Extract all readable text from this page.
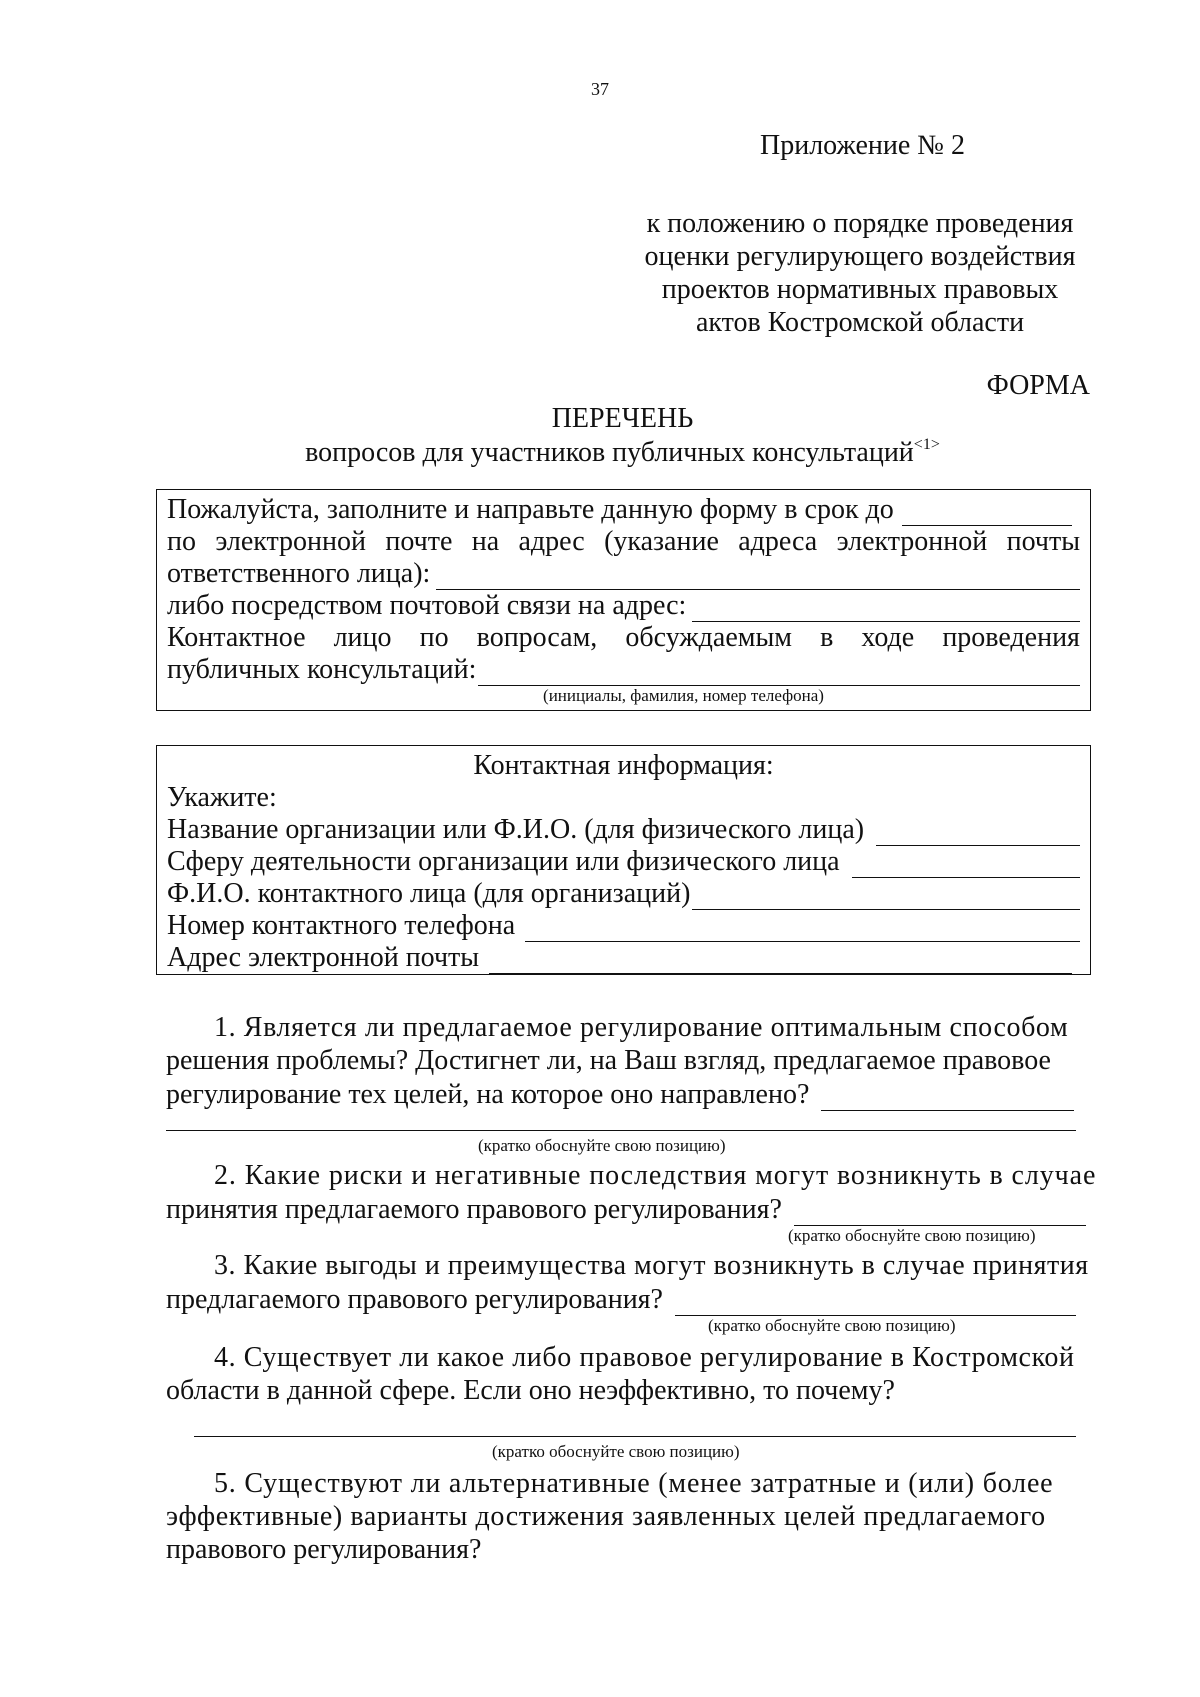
37
Приложение № 2
к положению о порядке проведения
оценки регулирующего воздействия
проектов нормативных правовых
актов Костромской области
ФОРМА
ПЕРЕЧЕНЬ
вопросов для участников публичных консультаций$^{<1>}$
Пожалуйста, заполните и направьте данную форму в срок до
по электронной почте на адрес (указание адреса электронной почты
ответственного лица):
либо посредством почтовой связи на адрес:
Контактное лицо по вопросам, обсуждаемым в ходе проведения
публичных консультаций:
(инициалы, фамилия, номер телефона)
Контактная информация:
Укажите:
Название организации или Ф.И.О. (для физического лица)
Сферу деятельности организации или физического лица
Ф.И.О. контактного лица (для организаций)
Номер контактного телефона
Адрес электронной почты
1. Является ли предлагаемое регулирование оптимальным способом
решения проблемы? Достигнет ли, на Ваш взгляд, предлагаемое правовое
регулирование тех целей, на которое оно направлено?
(кратко обоснуйте свою позицию)
2. Какие риски и негативные последствия могут возникнуть в случае
принятия предлагаемого правового регулирования?
(кратко обоснуйте свою позицию)
3. Какие выгоды и преимущества могут возникнуть в случае принятия
предлагаемого правового регулирования?
(кратко обоснуйте свою позицию)
4. Существует ли какое либо правовое регулирование в Костромской
области в данной сфере. Если оно неэффективно, то почему?
(кратко обоснуйте свою позицию)
5. Существуют ли альтернативные (менее затратные и (или) более
эффективные) варианты достижения заявленных целей предлагаемого
правового регулирования?
